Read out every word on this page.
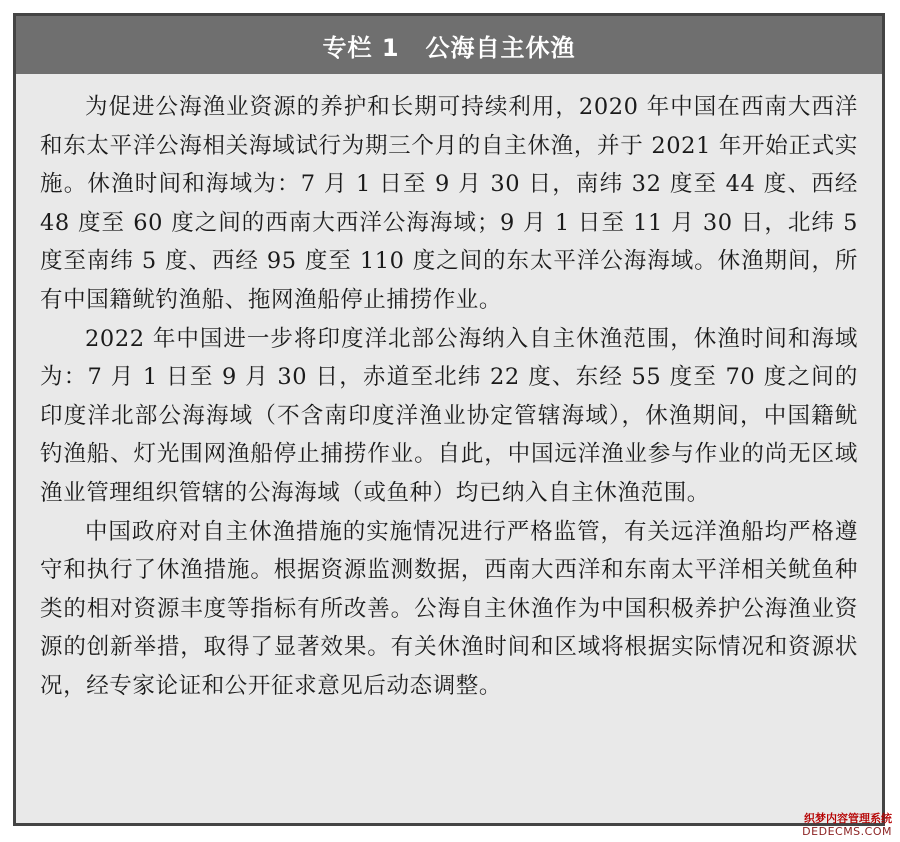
专栏 1 公海自主休渔

为促进公海渔业资源的养护和长期可持续利用，2020 年中国在西南大西洋和东太平洋公海相关海域试行为期三个月的自主休渔，并于 2021 年开始正式实施。休渔时间和海域为：7 月 1 日至 9 月 30 日，南纬 32 度至 44 度、西经 48 度至 60 度之间的西南大西洋公海海域；9 月 1 日至 11 月 30 日，北纬 5 度至南纬 5 度、西经 95 度至 110 度之间的东太平洋公海海域。休渔期间，所有中国籍鱿钓渔船、拖网渔船停止捕捞作业。

2022 年中国进一步将印度洋北部公海纳入自主休渔范围，休渔时间和海域为：7 月 1 日至 9 月 30 日，赤道至北纬 22 度、东经 55 度至 70 度之间的印度洋北部公海海域（不含南印度洋渔业协定管辖海域），休渔期间，中国籍鱿钓渔船、灯光围网渔船停止捕捞作业。自此，中国远洋渔业参与作业的尚无区域渔业管理组织管辖的公海海域（或鱼种）均已纳入自主休渔范围。

中国政府对自主休渔措施的实施情况进行严格监管，有关远洋渔船均严格遵守和执行了休渔措施。根据资源监测数据，西南大西洋和东南太平洋相关鱿鱼种类的相对资源丰度等指标有所改善。公海自主休渔作为中国积极养护公海渔业资源的创新举措，取得了显著效果。有关休渔时间和区域将根据实际情况和资源状况，经专家论证和公开征求意见后动态调整。

织梦内容管理系统
DEDECMS.COM
